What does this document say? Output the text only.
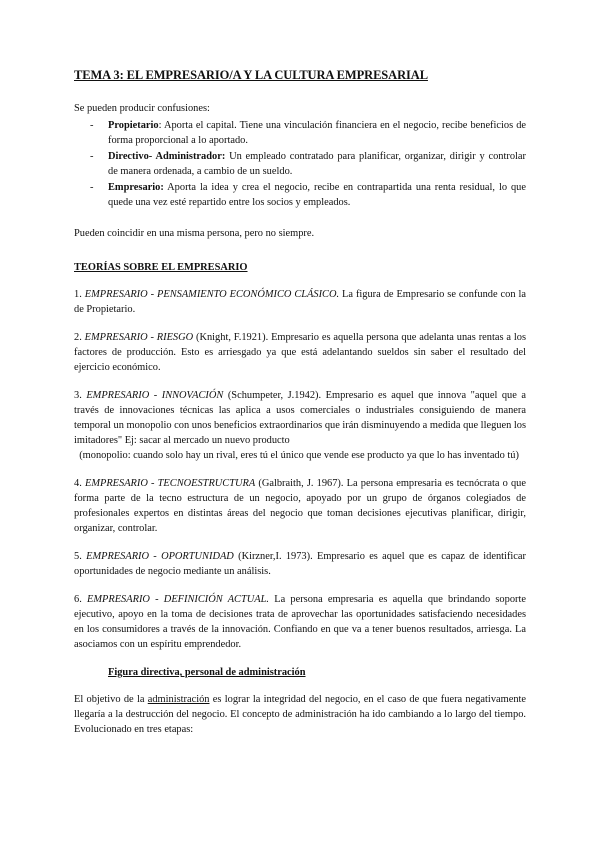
TEMA 3: EL EMPRESARIO/A Y LA CULTURA EMPRESARIAL

Se pueden producir confusiones:

- Propietario: Aporta el capital. Tiene una vinculación financiera en el negocio, recibe beneficios de forma proporcional a lo aportado.
- Directivo- Administrador: Un empleado contratado para planificar, organizar, dirigir y controlar de manera ordenada, a cambio de un sueldo.
- Empresario: Aporta la idea y crea el negocio, recibe en contrapartida una renta residual, lo que quede una vez esté repartido entre los socios y empleados.

Pueden coincidir en una misma persona, pero no siempre.

TEORÍAS SOBRE EL EMPRESARIO

1. EMPRESARIO - PENSAMIENTO ECONÓMICO CLÁSICO. La figura de Empresario se confunde con la de Propietario.

2. EMPRESARIO - RIESGO (Knight, F.1921). Empresario es aquella persona que adelanta unas rentas a los factores de producción. Esto es arriesgado ya que está adelantando sueldos sin saber el resultado del ejercicio económico.

3. EMPRESARIO - INNOVACIÓN (Schumpeter, J.1942). Empresario es aquel que innova "aquel que a través de innovaciones técnicas las aplica a usos comerciales o industriales consiguiendo de manera temporal un monopolio con unos beneficios extraordinarios que irán disminuyendo a medida que lleguen los imitadores" Ej: sacar al mercado un nuevo producto
(monopolio: cuando solo hay un rival, eres tú el único que vende ese producto ya que lo has inventado tú)

4. EMPRESARIO - TECNOESTRUCTURA (Galbraith, J. 1967). La persona empresaria es tecnócrata o que forma parte de la tecno estructura de un negocio, apoyado por un grupo de órganos colegiados de profesionales expertos en distintas áreas del negocio que toman decisiones ejecutivas planificar, dirigir, organizar, controlar.

5. EMPRESARIO - OPORTUNIDAD (Kirzner,I. 1973). Empresario es aquel que es capaz de identificar oportunidades de negocio mediante un análisis.

6. EMPRESARIO - DEFINICIÓN ACTUAL. La persona empresaria es aquella que brindando soporte ejecutivo, apoyo en la toma de decisiones trata de aprovechar las oportunidades satisfaciendo necesidades en los consumidores a través de la innovación. Confiando en que va a tener buenos resultados, arriesga. La asociamos con un espíritu emprendedor.

Figura directiva, personal de administración

El objetivo de la administración es lograr la integridad del negocio, en el caso de que fuera negativamente llegaría a la destrucción del negocio. El concepto de administración ha ido cambiando a lo largo del tiempo. Evolucionado en tres etapas:
